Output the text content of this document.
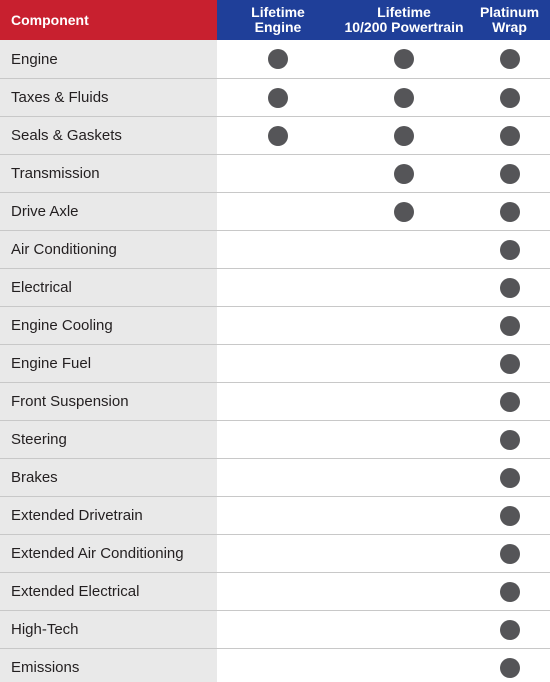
Component	Lifetime
Engine
Lifetime
10/200 Powertrain
Platinum
Wrap
Engine
Taxes & Fluids
Seals & Gaskets
Transmission
Drive Axle
Air Conditioning
Electrical
Engine Cooling
Engine Fuel
Front Suspension
Steering
Brakes
Extended Drivetrain
Extended Air Conditioning
Extended Electrical
High-Tech
Emissions
